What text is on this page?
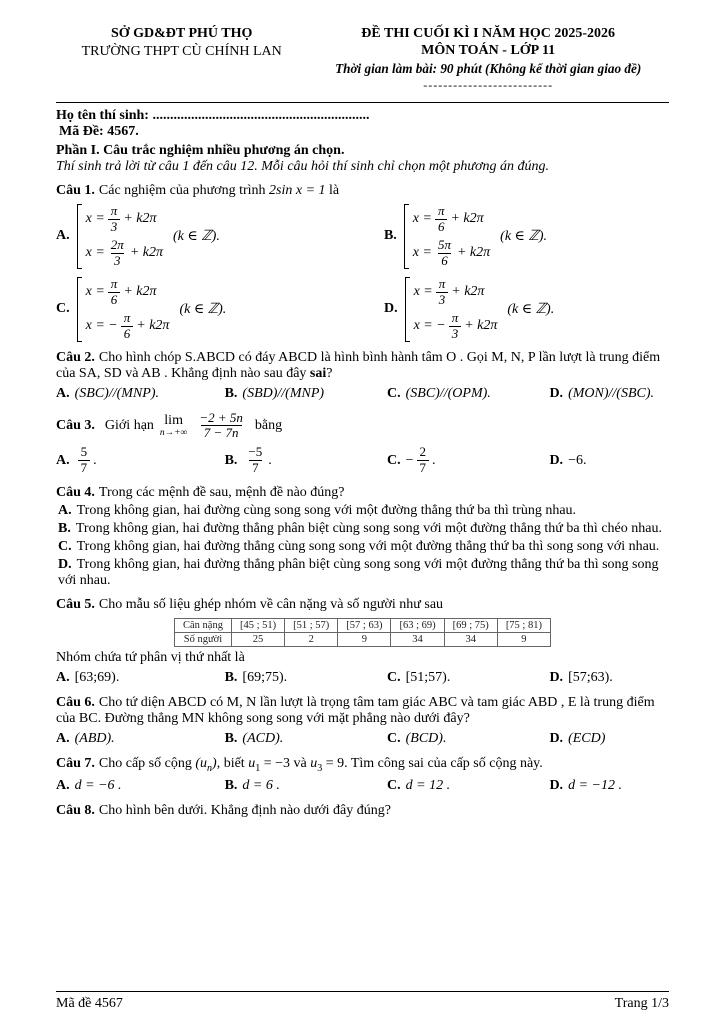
SỞ GD&ĐT PHÚ THỌ
TRƯỜNG THPT CÙ CHÍNH LAN
ĐỀ THI CUỐI KÌ I NĂM HỌC 2025-2026
MÔN TOÁN - LỚP 11
Thời gian làm bài: 90 phút (Không kể thời gian giao đề)
--------------------------
Họ tên thí sinh: ..............................................................
Mã Đề: 4567.
Phần I. Câu trắc nghiệm nhiều phương án chọn.
Thí sinh trả lời từ câu 1 đến câu 12. Mỗi câu hỏi thí sinh chỉ chọn một phương án đúng.
Câu 1. Các nghiệm của phương trình 2sin x = 1 là
A.
$x = \frac{\pi}{3} + k2\pi$
$x = \frac{2\pi}{3} + k2\pi$
(k ∈ ℤ).	B.
$x = \frac{\pi}{6} + k2\pi$
$x = \frac{5\pi}{6} + k2\pi$
(k ∈ ℤ).
C.
$x = \frac{\pi}{6} + k2\pi$
x = − $\frac{\pi}{6} + k2\pi$
(k ∈ ℤ).	D.
$x = \frac{\pi}{3} + k2\pi$
x = − $\frac{\pi}{3} + k2\pi$
(k ∈ ℤ).
Câu 2. Cho hình chóp S.ABCD có đáy ABCD là hình bình hành tâm O . Gọi M, N, P lần lượt là trung điểm của SA, SD và AB . Khẳng định nào sau đây sai?
A. (SBC)//(MNP).	B. (SBD)//(MNP)	C. (SBC)//(OPM).	D. (MON)//(SBC).
Câu 3. Giới hạn lim
$n\to+\infty \frac{-2 + 5n}{7 - 7n}$ bằng
A. $\frac{5}{7}$ .	B. $\frac{-5}{7}$ .	C. − $\frac{2}{7}$ .	D. −6.
Câu 4. Trong các mệnh đề sau, mệnh đề nào đúng?
A. Trong không gian, hai đường cùng song song với một đường thẳng thứ ba thì trùng nhau.
B. Trong không gian, hai đường thẳng phân biệt cùng song song với một đường thẳng thứ ba thì chéo nhau.
C. Trong không gian, hai đường thẳng cùng song song với một đường thẳng thứ ba thì song song với nhau.
D. Trong không gian, hai đường thẳng phân biệt cùng song song với một đường thẳng thứ ba thì song song với nhau.
Câu 5. Cho mẫu số liệu ghép nhóm về cân nặng và số người như sau
Cân nặng	[45 ; 51)	[51 ; 57)	[57 ; 63)	[63 ; 69)	[69 ; 75)	[75 ; 81)
Số người	25	2	9	34	34	9
Nhóm chứa tứ phân vị thứ nhất là
A. [63;69).	B. [69;75).	C. [51;57).	D. [57;63).
Câu 6. Cho tứ diện ABCD có M, N lần lượt là trọng tâm tam giác ABC và tam giác ABD , E là trung điểm của BC. Đường thẳng MN không song song với mặt phẳng nào dưới đây?
A. (ABD).	B. (ACD).	C. (BCD).	D. (ECD)
Câu 7. Cho cấp số cộng $(u_n)$, biết $u_1 = -3$ và $u_3 = 9$. Tìm công sai của cấp số cộng này.
A. d = −6 .	B. d = 6 .	C. d = 12 .	D. d = −12 .
Câu 8. Cho hình bên dưới. Khẳng định nào dưới đây đúng?
Mã đề 4567	Trang 1/3
